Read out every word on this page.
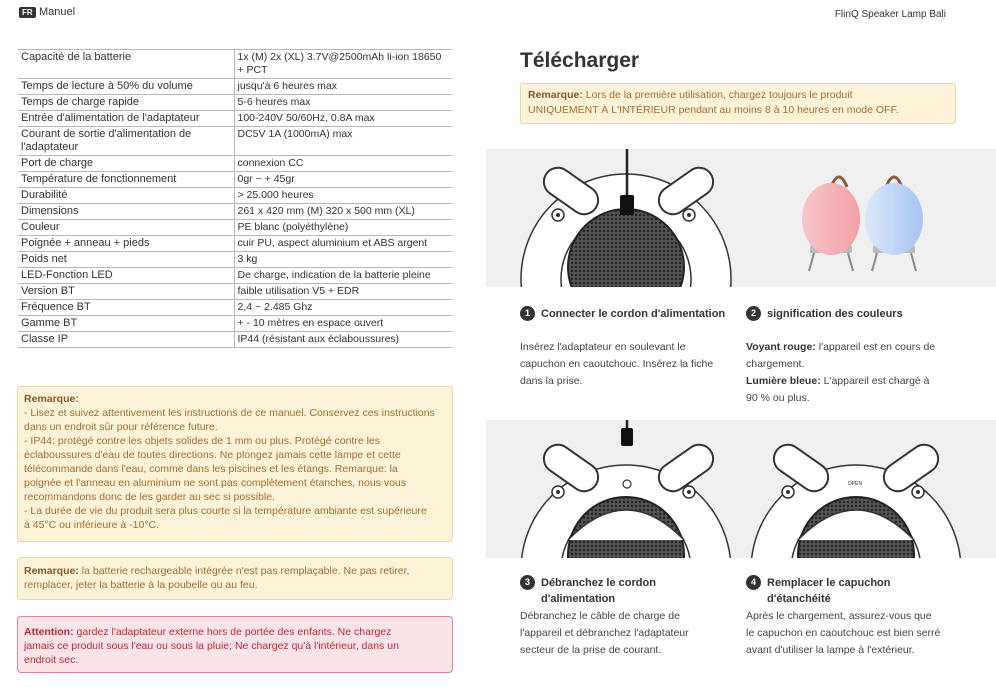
FR Manuel	FlinQ Speaker Lamp Bali
Capacité de la batterie	1x (M) 2x (XL) 3.7V@2500mAh li-ion 18650 + PCT
Temps de lecture à 50% du volume	jusqu'à 6 heures max
Temps de charge rapide	5-6 heures max
Entrée d'alimentation de l'adaptateur	100-240V 50/60Hz, 0.8A max
Courant de sortie d'alimentation de l'adaptateur	DC5V 1A (1000mA) max
Port de charge	connexion CC
Température de fonctionnement	0gr ~ + 45gr
Durabilité	> 25.000 heures
Dimensions	261 x 420 mm (M) 320 x 500 mm (XL)
Couleur	PE blanc (polyéthylène)
Poignée + anneau + pieds	cuir PU, aspect aluminium et ABS argent
Poids net	3 kg
LED-Fonction LED	De charge, indication de la batterie pleine
Version BT	faible utilisation V5 + EDR
Fréquence BT	2,4 ~ 2.485 Ghz
Gamme BT	+ - 10 mètres en espace ouvert
Classe IP	IP44 (résistant aux éclaboussures)
Remarque:
- Lisez et suivez attentivement les instructions de ce manuel. Conservez ces instructions
dans un endroit sûr pour référence future.
- IP44: protégé contre les objets solides de 1 mm ou plus. Protégé contre les
éclaboussures d'eau de toutes directions. Ne plongez jamais cette lampe et cette
télécommande dans l'eau, comme dans les piscines et les étangs. Remarque: la
poignée et l'anneau en aluminium ne sont pas complètement étanches, nous vous
recommandons donc de les garder au sec si possible.
- La durée de vie du produit sera plus courte si la température ambiante est supérieure
à 45°C ou inférieure à -10°C.
Remarque: la batterie rechargeable intégrée n'est pas remplaçable. Ne pas retirer,
remplacer, jeter la batterie à la poubelle ou au feu.
Attention: gardez l'adaptateur externe hors de portée des enfants. Ne chargez
jamais ce produit sous l'eau ou sous la pluie; Ne chargez qu'à l'intérieur, dans un
endroit sec.
Télécharger
Remarque: Lors de la première utilisation, chargez toujours le produit
UNIQUEMENT À L'INTÉRIEUR pendant au moins 8 à 10 heures en mode OFF.
1 Connecter le cordon d'alimentation
Insérez l'adaptateur en soulevant le
capuchon en caoutchouc. Insérez la fiche
dans la prise.
2 signification des couleurs
Voyant rouge: l'appareil est en cours de
chargement.
Lumière bleue: L'appareil est chargé à
90 % ou plus.
OPEN
3 Débranchez le cordon
d'alimentation
Débranchez le câble de charge de
l'appareil et débranchez l'adaptateur
secteur de la prise de courant.
4 Remplacer le capuchon
d'étanchéité
Après le chargement, assurez-vous que
le capuchon en caoutchouc est bien serré
avant d'utiliser la lampe à l'extérieur.
